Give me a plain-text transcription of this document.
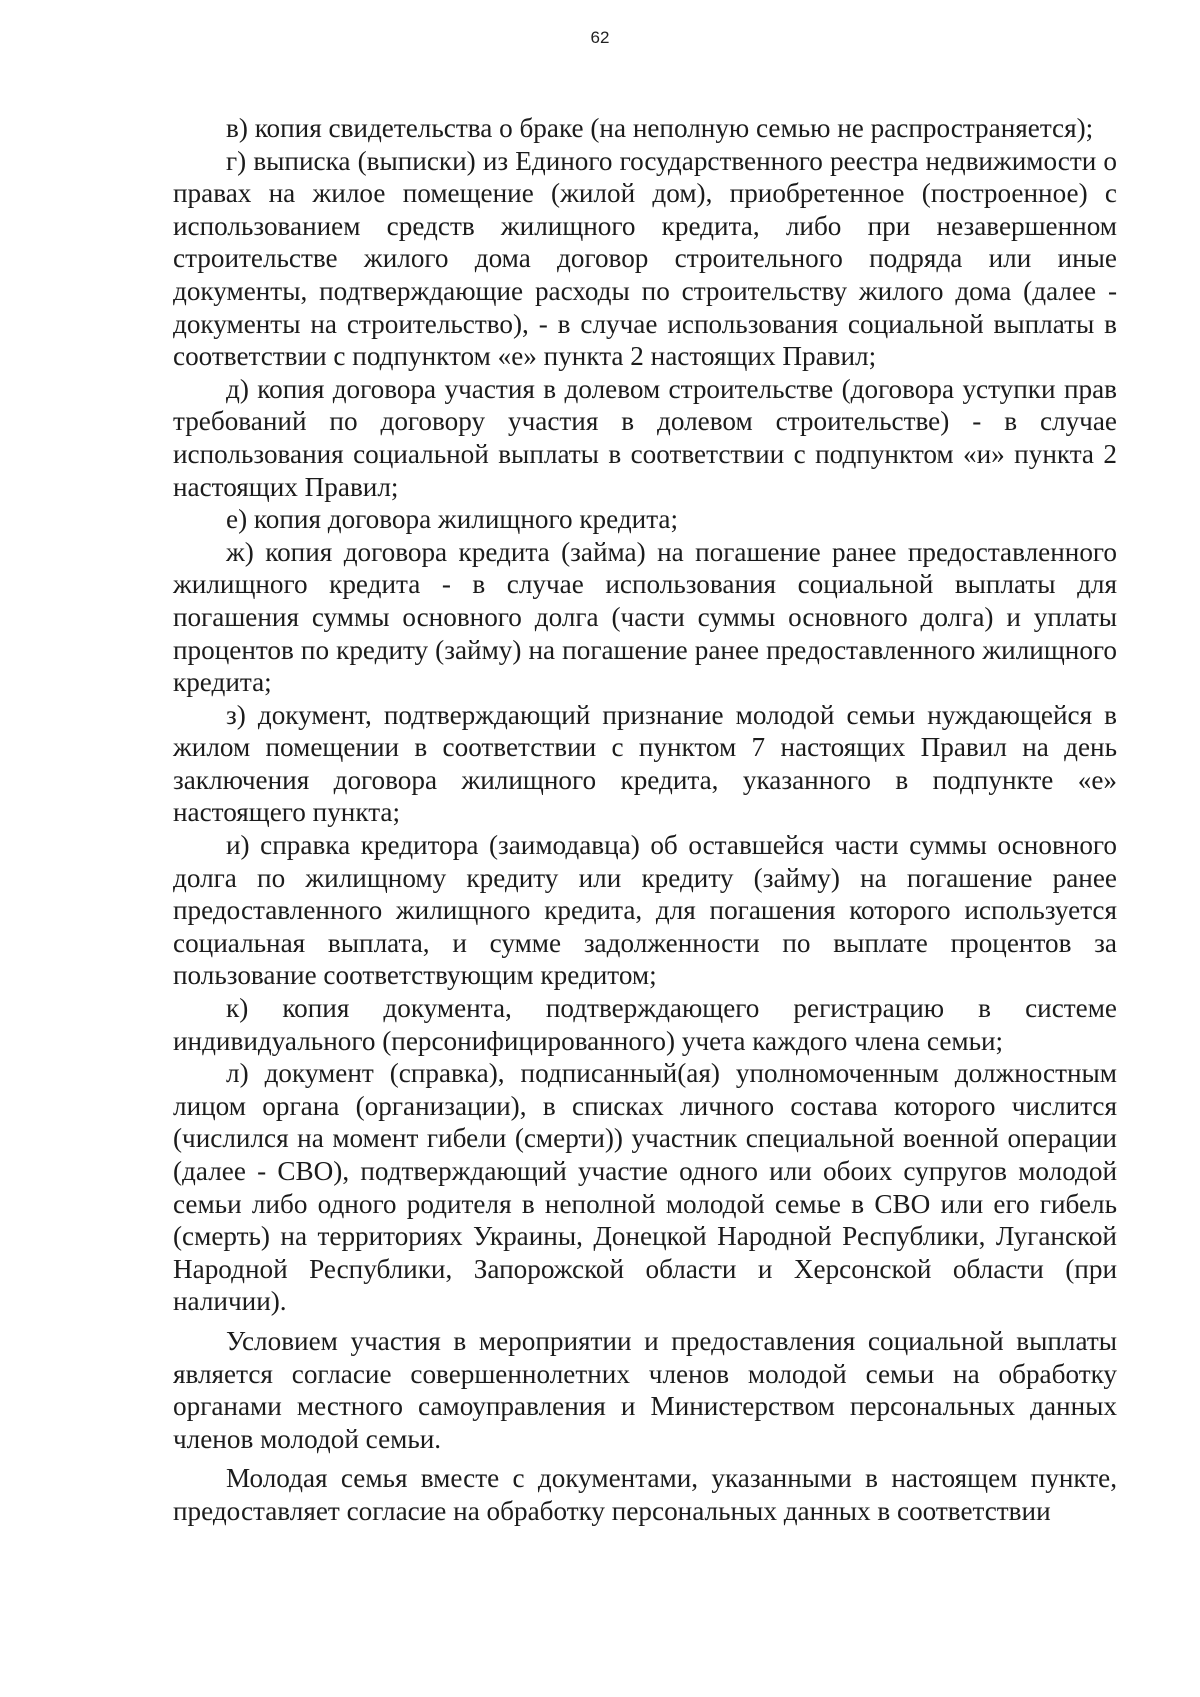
62

в) копия свидетельства о браке (на неполную семью не распространяется);

г) выписка (выписки) из Единого государственного реестра недвижимости о правах на жилое помещение (жилой дом), приобретенное (построенное) с использованием средств жилищного кредита, либо при незавершенном строительстве жилого дома договор строительного подряда или иные документы, подтверждающие расходы по строительству жилого дома (далее - документы на строительство), - в случае использования социальной выплаты в соответствии с подпунктом «е» пункта 2 настоящих Правил;

д) копия договора участия в долевом строительстве (договора уступки прав требований по договору участия в долевом строительстве) - в случае использования социальной выплаты в соответствии с подпунктом «и» пункта 2 настоящих Правил;

е) копия договора жилищного кредита;

ж) копия договора кредита (займа) на погашение ранее предоставленного жилищного кредита - в случае использования социальной выплаты для погашения суммы основного долга (части суммы основного долга) и уплаты процентов по кредиту (займу) на погашение ранее предоставленного жилищного кредита;

з) документ, подтверждающий признание молодой семьи нуждающейся в жилом помещении в соответствии с пунктом 7 настоящих Правил на день заключения договора жилищного кредита, указанного в подпункте «е» настоящего пункта;

и) справка кредитора (заимодавца) об оставшейся части суммы основного долга по жилищному кредиту или кредиту (займу) на погашение ранее предоставленного жилищного кредита, для погашения которого используется социальная выплата, и сумме задолженности по выплате процентов за пользование соответствующим кредитом;

к) копия документа, подтверждающего регистрацию в системе индивидуального (персонифицированного) учета каждого члена семьи;

л) документ (справка), подписанный(ая) уполномоченным должностным лицом органа (организации), в списках личного состава которого числится (числился на момент гибели (смерти)) участник специальной военной операции (далее - СВО), подтверждающий участие одного или обоих супругов молодой семьи либо одного родителя в неполной молодой семье в СВО или его гибель (смерть) на территориях Украины, Донецкой Народной Республики, Луганской Народной Республики, Запорожской области и Херсонской области (при наличии).

Условием участия в мероприятии и предоставления социальной выплаты является согласие совершеннолетних членов молодой семьи на обработку органами местного самоуправления и Министерством персональных данных членов молодой семьи.

Молодая семья вместе с документами, указанными в настоящем пункте, предоставляет согласие на обработку персональных данных в соответствии
